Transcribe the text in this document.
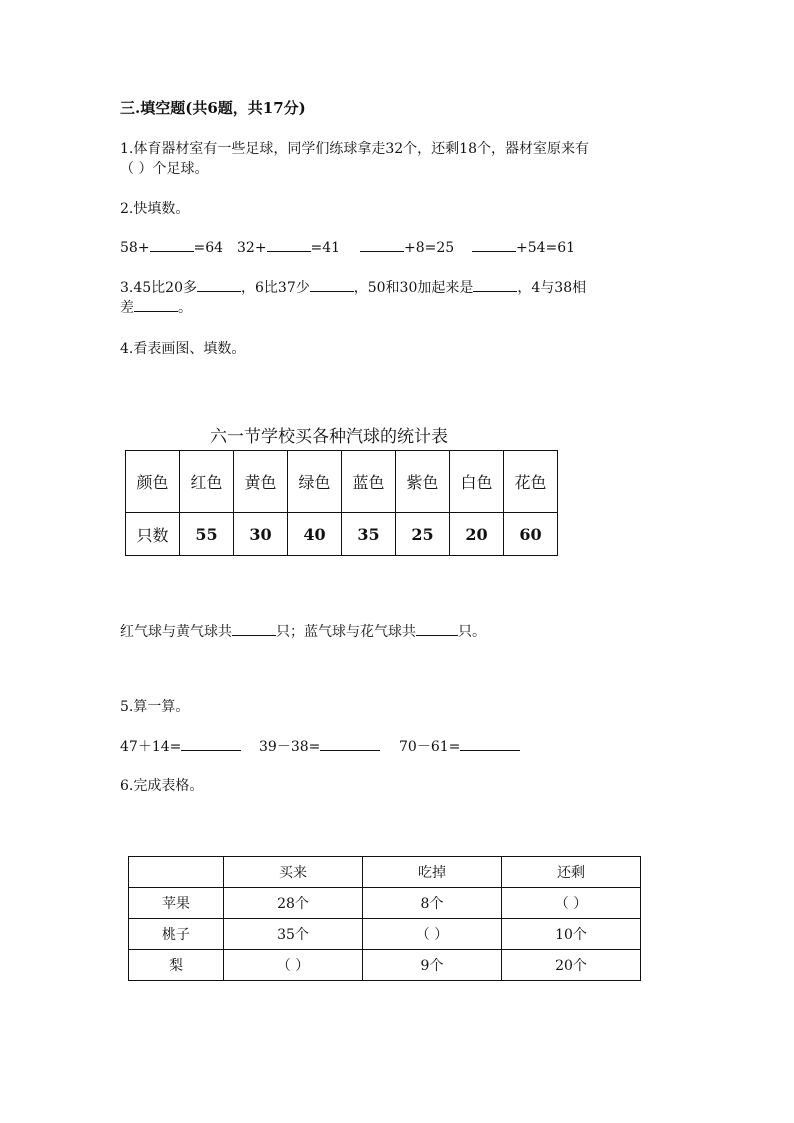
三.填空题(共6题，共17分)
1.体育器材室有一些足球，同学们练球拿走32个，还剩18个，器材室原来有
（ ）个足球。
2.快填数。
58+	=64 32+	=41	+8=25	+54=61
3.45比20多	，6比37少	，50和30加起来是	，4与38相
差	。
4.看表画图、填数。
六一节学校买各种汽球的统计表
颜色	红色	黄色	绿色	蓝色	紫色	白色	花色
只数	55	30	40	35	25	20	60
红气球与黄气球共	只；蓝气球与花气球共	只。
5.算一算。
47＋14=	39－38=	70－61=
6.完成表格。
	买来	吃掉	还剩
苹果	28个	8个	（ ）
桃子	35个	（ ）	10个
梨	（ ）	9个	20个
